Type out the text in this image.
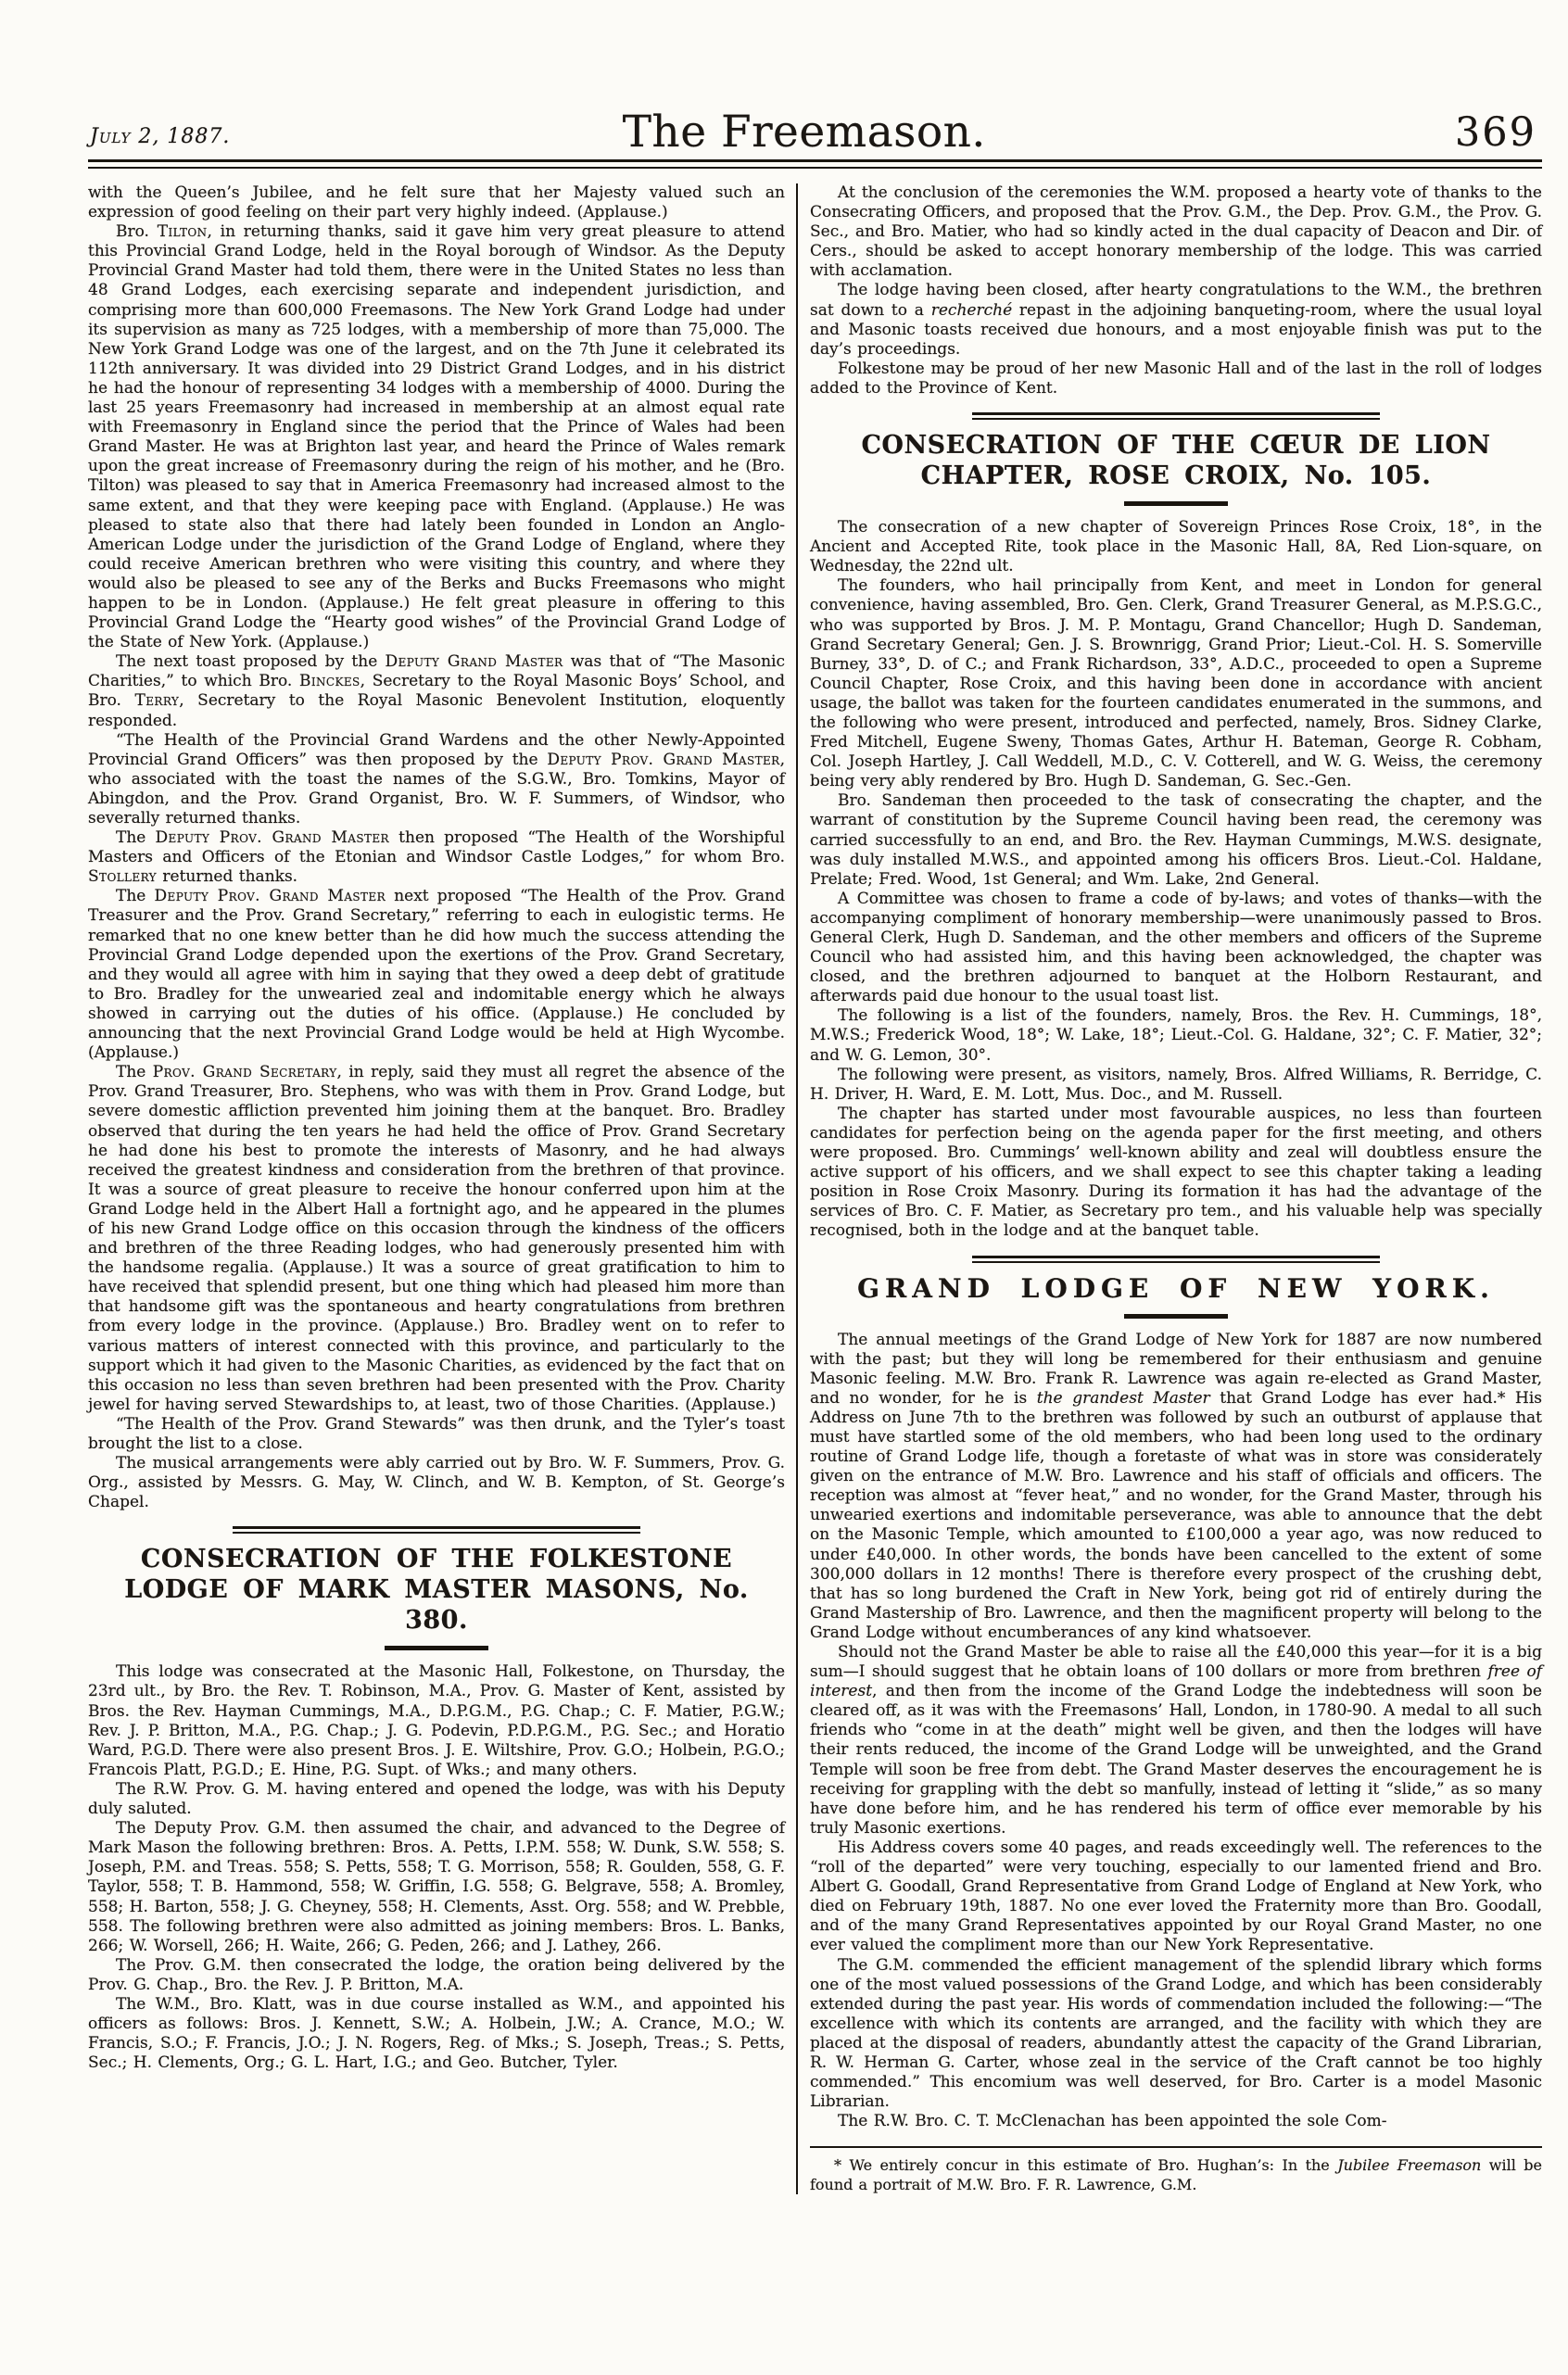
July 2, 1887.	The Freemason.	369

with the Queen’s Jubilee, and he felt sure that her Majesty valued such an expression of good feeling on their part very highly indeed. (Applause.)

Bro. Tilton, in returning thanks, said it gave him very great pleasure to attend this Provincial Grand Lodge, held in the Royal borough of Windsor. As the Deputy Provincial Grand Master had told them, there were in the United States no less than 48 Grand Lodges, each exercising separate and independent jurisdiction, and comprising more than 600,000 Freemasons. The New York Grand Lodge had under its supervision as many as 725 lodges, with a membership of more than 75,000. The New York Grand Lodge was one of the largest, and on the 7th June it celebrated its 112th anniversary. It was divided into 29 District Grand Lodges, and in his district he had the honour of representing 34 lodges with a membership of 4000. During the last 25 years Freemasonry had increased in membership at an almost equal rate with Freemasonry in England since the period that the Prince of Wales had been Grand Master. He was at Brighton last year, and heard the Prince of Wales remark upon the great increase of Freemasonry during the reign of his mother, and he (Bro. Tilton) was pleased to say that in America Freemasonry had increased almost to the same extent, and that they were keeping pace with England. (Applause.) He was pleased to state also that there had lately been founded in London an Anglo-American Lodge under the jurisdiction of the Grand Lodge of England, where they could receive American brethren who were visiting this country, and where they would also be pleased to see any of the Berks and Bucks Freemasons who might happen to be in London. (Applause.) He felt great pleasure in offering to this Provincial Grand Lodge the “Hearty good wishes” of the Provincial Grand Lodge of the State of New York. (Applause.)

The next toast proposed by the Deputy Grand Master was that of “The Masonic Charities,” to which Bro. Binckes, Secretary to the Royal Masonic Boys’ School, and Bro. Terry, Secretary to the Royal Masonic Benevolent Institution, eloquently responded.

“The Health of the Provincial Grand Wardens and the other Newly-Appointed Provincial Grand Officers” was then proposed by the Deputy Prov. Grand Master, who associated with the toast the names of the S.G.W., Bro. Tomkins, Mayor of Abingdon, and the Prov. Grand Organist, Bro. W. F. Summers, of Windsor, who severally returned thanks.

The Deputy Prov. Grand Master then proposed “The Health of the Worshipful Masters and Officers of the Etonian and Windsor Castle Lodges,” for whom Bro. Stollery returned thanks.

The Deputy Prov. Grand Master next proposed “The Health of the Prov. Grand Treasurer and the Prov. Grand Secretary,” referring to each in eulogistic terms. He remarked that no one knew better than he did how much the success attending the Provincial Grand Lodge depended upon the exertions of the Prov. Grand Secretary, and they would all agree with him in saying that they owed a deep debt of gratitude to Bro. Bradley for the unwearied zeal and indomitable energy which he always showed in carrying out the duties of his office. (Applause.) He concluded by announcing that the next Provincial Grand Lodge would be held at High Wycombe. (Applause.)

The Prov. Grand Secretary, in reply, said they must all regret the absence of the Prov. Grand Treasurer, Bro. Stephens, who was with them in Prov. Grand Lodge, but severe domestic affliction prevented him joining them at the banquet. Bro. Bradley observed that during the ten years he had held the office of Prov. Grand Secretary he had done his best to promote the interests of Masonry, and he had always received the greatest kindness and consideration from the brethren of that province. It was a source of great pleasure to receive the honour conferred upon him at the Grand Lodge held in the Albert Hall a fortnight ago, and he appeared in the plumes of his new Grand Lodge office on this occasion through the kindness of the officers and brethren of the three Reading lodges, who had generously presented him with the handsome regalia. (Applause.) It was a source of great gratification to him to have received that splendid present, but one thing which had pleased him more than that handsome gift was the spontaneous and hearty congratulations from brethren from every lodge in the province. (Applause.) Bro. Bradley went on to refer to various matters of interest connected with this province, and particularly to the support which it had given to the Masonic Charities, as evidenced by the fact that on this occasion no less than seven brethren had been presented with the Prov. Charity jewel for having served Stewardships to, at least, two of those Charities. (Applause.)

“The Health of the Prov. Grand Stewards” was then drunk, and the Tyler’s toast brought the list to a close.

The musical arrangements were ably carried out by Bro. W. F. Summers, Prov. G. Org., assisted by Messrs. G. May, W. Clinch, and W. B. Kempton, of St. George’s Chapel.

CONSECRATION OF THE FOLKESTONE LODGE OF MARK MASTER MASONS, No. 380.

This lodge was consecrated at the Masonic Hall, Folkestone, on Thursday, the 23rd ult., by Bro. the Rev. T. Robinson, M.A., Prov. G. Master of Kent, assisted by Bros. the Rev. Hayman Cummings, M.A., D.P.G.M., P.G. Chap.; C. F. Matier, P.G.W.; Rev. J. P. Britton, M.A., P.G. Chap.; J. G. Podevin, P.D.P.G.M., P.G. Sec.; and Horatio Ward, P.G.D. There were also present Bros. J. E. Wiltshire, Prov. G.O.; Holbein, P.G.O.; Francois Platt, P.G.D.; E. Hine, P.G. Supt. of Wks.; and many others.

The R.W. Prov. G. M. having entered and opened the lodge, was with his Deputy duly saluted.

The Deputy Prov. G.M. then assumed the chair, and advanced to the Degree of Mark Mason the following brethren: Bros. A. Petts, I.P.M. 558; W. Dunk, S.W. 558; S. Joseph, P.M. and Treas. 558; S. Petts, 558; T. G. Morrison, 558; R. Goulden, 558, G. F. Taylor, 558; T. B. Hammond, 558; W. Griffin, I.G. 558; G. Belgrave, 558; A. Bromley, 558; H. Barton, 558; J. G. Cheyney, 558; H. Clements, Asst. Org. 558; and W. Prebble, 558. The following brethren were also admitted as joining members: Bros. L. Banks, 266; W. Worsell, 266; H. Waite, 266; G. Peden, 266; and J. Lathey, 266.

The Prov. G.M. then consecrated the lodge, the oration being delivered by the Prov. G. Chap., Bro. the Rev. J. P. Britton, M.A.

The W.M., Bro. Klatt, was in due course installed as W.M., and appointed his officers as follows: Bros. J. Kennett, S.W.; A. Holbein, J.W.; A. Crance, M.O.; W. Francis, S.O.; F. Francis, J.O.; J. N. Rogers, Reg. of Mks.; S. Joseph, Treas.; S. Petts, Sec.; H. Clements, Org.; G. L. Hart, I.G.; and Geo. Butcher, Tyler.

At the conclusion of the ceremonies the W.M. proposed a hearty vote of thanks to the Consecrating Officers, and proposed that the Prov. G.M., the Dep. Prov. G.M., the Prov. G. Sec., and Bro. Matier, who had so kindly acted in the dual capacity of Deacon and Dir. of Cers., should be asked to accept honorary membership of the lodge. This was carried with acclamation.

The lodge having been closed, after hearty congratulations to the W.M., the brethren sat down to a recherché repast in the adjoining banqueting-room, where the usual loyal and Masonic toasts received due honours, and a most enjoyable finish was put to the day’s proceedings.

Folkestone may be proud of her new Masonic Hall and of the last in the roll of lodges added to the Province of Kent.

CONSECRATION OF THE CŒUR DE LION CHAPTER, ROSE CROIX, No. 105.

The consecration of a new chapter of Sovereign Princes Rose Croix, 18°, in the Ancient and Accepted Rite, took place in the Masonic Hall, 8A, Red Lion-square, on Wednesday, the 22nd ult.

The founders, who hail principally from Kent, and meet in London for general convenience, having assembled, Bro. Gen. Clerk, Grand Treasurer General, as M.P.S.G.C., who was supported by Bros. J. M. P. Montagu, Grand Chancellor; Hugh D. Sandeman, Grand Secretary General; Gen. J. S. Brownrigg, Grand Prior; Lieut.-Col. H. S. Somerville Burney, 33°, D. of C.; and Frank Richardson, 33°, A.D.C., proceeded to open a Supreme Council Chapter, Rose Croix, and this having been done in accordance with ancient usage, the ballot was taken for the fourteen candidates enumerated in the summons, and the following who were present, introduced and perfected, namely, Bros. Sidney Clarke, Fred Mitchell, Eugene Sweny, Thomas Gates, Arthur H. Bateman, George R. Cobham, Col. Joseph Hartley, J. Call Weddell, M.D., C. V. Cotterell, and W. G. Weiss, the ceremony being very ably rendered by Bro. Hugh D. Sandeman, G. Sec.-Gen.

Bro. Sandeman then proceeded to the task of consecrating the chapter, and the warrant of constitution by the Supreme Council having been read, the ceremony was carried successfully to an end, and Bro. the Rev. Hayman Cummings, M.W.S. designate, was duly installed M.W.S., and appointed among his officers Bros. Lieut.-Col. Haldane, Prelate; Fred. Wood, 1st General; and Wm. Lake, 2nd General.

A Committee was chosen to frame a code of by-laws; and votes of thanks—with the accompanying compliment of honorary membership—were unanimously passed to Bros. General Clerk, Hugh D. Sandeman, and the other members and officers of the Supreme Council who had assisted him, and this having been acknowledged, the chapter was closed, and the brethren adjourned to banquet at the Holborn Restaurant, and afterwards paid due honour to the usual toast list.

The following is a list of the founders, namely, Bros. the Rev. H. Cummings, 18°, M.W.S.; Frederick Wood, 18°; W. Lake, 18°; Lieut.-Col. G. Haldane, 32°; C. F. Matier, 32°; and W. G. Lemon, 30°.

The following were present, as visitors, namely, Bros. Alfred Williams, R. Berridge, C. H. Driver, H. Ward, E. M. Lott, Mus. Doc., and M. Russell.

The chapter has started under most favourable auspices, no less than fourteen candidates for perfection being on the agenda paper for the first meeting, and others were proposed. Bro. Cummings’ well-known ability and zeal will doubtless ensure the active support of his officers, and we shall expect to see this chapter taking a leading position in Rose Croix Masonry. During its formation it has had the advantage of the services of Bro. C. F. Matier, as Secretary pro tem., and his valuable help was specially recognised, both in the lodge and at the banquet table.

GRAND LODGE OF NEW YORK.

The annual meetings of the Grand Lodge of New York for 1887 are now numbered with the past; but they will long be remembered for their enthusiasm and genuine Masonic feeling. M.W. Bro. Frank R. Lawrence was again re-elected as Grand Master, and no wonder, for he is the grandest Master that Grand Lodge has ever had.* His Address on June 7th to the brethren was followed by such an outburst of applause that must have startled some of the old members, who had been long used to the ordinary routine of Grand Lodge life, though a foretaste of what was in store was considerately given on the entrance of M.W. Bro. Lawrence and his staff of officials and officers. The reception was almost at “fever heat,” and no wonder, for the Grand Master, through his unwearied exertions and indomitable perseverance, was able to announce that the debt on the Masonic Temple, which amounted to £100,000 a year ago, was now reduced to under £40,000. In other words, the bonds have been cancelled to the extent of some 300,000 dollars in 12 months! There is therefore every prospect of the crushing debt, that has so long burdened the Craft in New York, being got rid of entirely during the Grand Mastership of Bro. Lawrence, and then the magnificent property will belong to the Grand Lodge without encumberances of any kind whatsoever.

Should not the Grand Master be able to raise all the £40,000 this year—for it is a big sum—I should suggest that he obtain loans of 100 dollars or more from brethren free of interest, and then from the income of the Grand Lodge the indebtedness will soon be cleared off, as it was with the Freemasons’ Hall, London, in 1780-90. A medal to all such friends who “come in at the death” might well be given, and then the lodges will have their rents reduced, the income of the Grand Lodge will be unweighted, and the Grand Temple will soon be free from debt. The Grand Master deserves the encouragement he is receiving for grappling with the debt so manfully, instead of letting it “slide,” as so many have done before him, and he has rendered his term of office ever memorable by his truly Masonic exertions.

His Address covers some 40 pages, and reads exceedingly well. The references to the “roll of the departed” were very touching, especially to our lamented friend and Bro. Albert G. Goodall, Grand Representative from Grand Lodge of England at New York, who died on February 19th, 1887. No one ever loved the Fraternity more than Bro. Goodall, and of the many Grand Representatives appointed by our Royal Grand Master, no one ever valued the compliment more than our New York Representative.

The G.M. commended the efficient management of the splendid library which forms one of the most valued possessions of the Grand Lodge, and which has been considerably extended during the past year. His words of commendation included the following:—“The excellence with which its contents are arranged, and the facility with which they are placed at the disposal of readers, abundantly attest the capacity of the Grand Librarian, R. W. Herman G. Carter, whose zeal in the service of the Craft cannot be too highly commended.” This encomium was well deserved, for Bro. Carter is a model Masonic Librarian.

The R.W. Bro. C. T. McClenachan has been appointed the sole Com-

* We entirely concur in this estimate of Bro. Hughan’s: In the Jubilee Freemason will be found a portrait of M.W. Bro. F. R. Lawrence, G.M.
